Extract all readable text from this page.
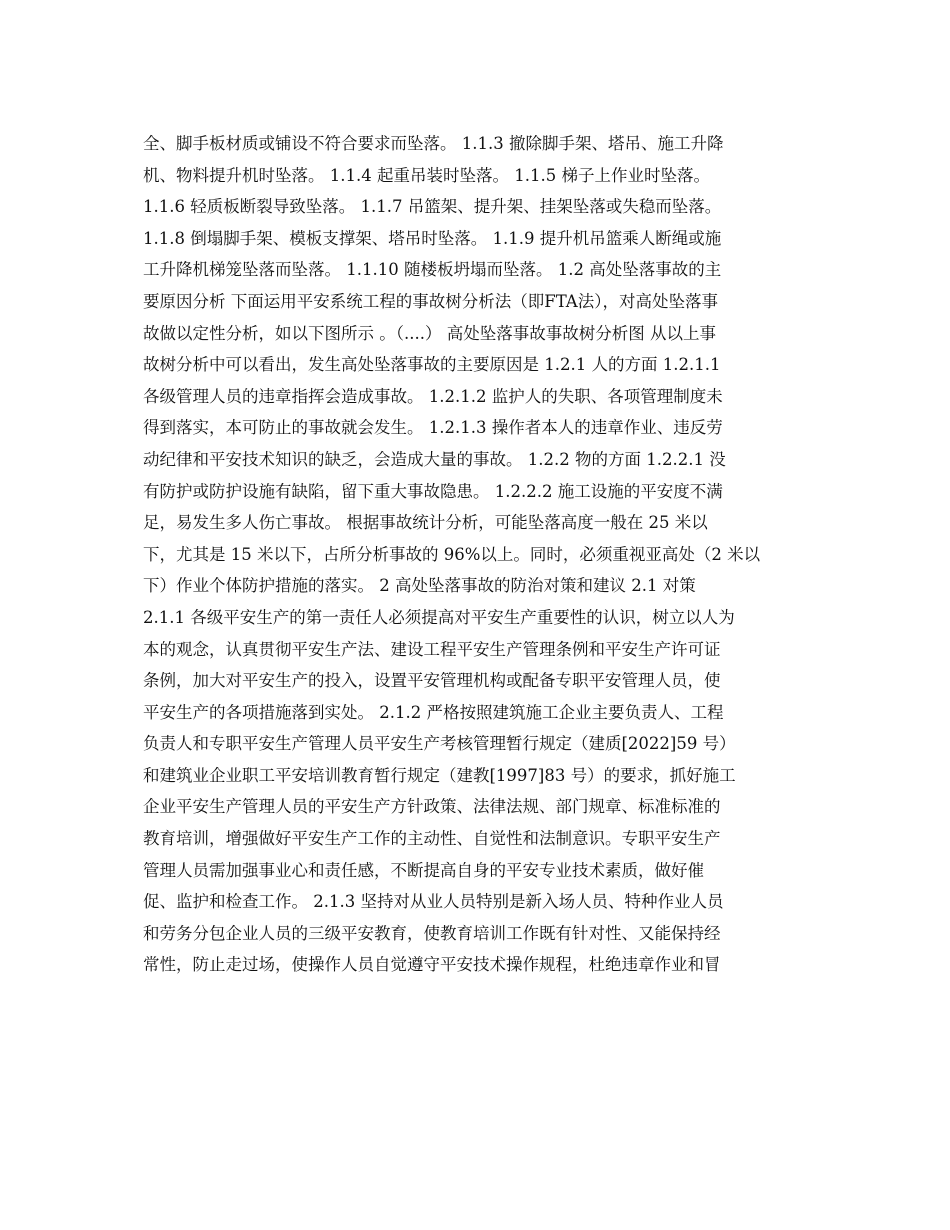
全、脚手板材质或铺设不符合要求而坠落。 1.1.3 撤除脚手架、塔吊、施工升降
机、物料提升机时坠落。 1.1.4 起重吊装时坠落。 1.1.5 梯子上作业时坠落。
1.1.6 轻质板断裂导致坠落。 1.1.7 吊篮架、提升架、挂架坠落或失稳而坠落。
1.1.8 倒塌脚手架、模板支撑架、塔吊时坠落。 1.1.9 提升机吊篮乘人断绳或施
工升降机梯笼坠落而坠落。 1.1.10 随楼板坍塌而坠落。 1.2 高处坠落事故的主
要原因分析 下面运用平安系统工程的事故树分析法（即FTA法），对高处坠落事
故做以定性分析，如以下图所示 。（....） 高处坠落事故事故树分析图 从以上事
故树分析中可以看出，发生高处坠落事故的主要原因是 1.2.1 人的方面 1.2.1.1
各级管理人员的违章指挥会造成事故。 1.2.1.2 监护人的失职、各项管理制度未
得到落实，本可防止的事故就会发生。 1.2.1.3 操作者本人的违章作业、违反劳
动纪律和平安技术知识的缺乏，会造成大量的事故。 1.2.2 物的方面 1.2.2.1 没
有防护或防护设施有缺陷，留下重大事故隐患。 1.2.2.2 施工设施的平安度不满
足，易发生多人伤亡事故。 根据事故统计分析，可能坠落高度一般在 25 米以
下，尤其是 15 米以下，占所分析事故的 96%以上。同时，必须重视亚高处（2 米以
下）作业个体防护措施的落实。 2 高处坠落事故的防治对策和建议 2.1 对策
2.1.1 各级平安生产的第一责任人必须提高对平安生产重要性的认识，树立以人为
本的观念，认真贯彻平安生产法、建设工程平安生产管理条例和平安生产许可证
条例，加大对平安生产的投入，设置平安管理机构或配备专职平安管理人员，使
平安生产的各项措施落到实处。 2.1.2 严格按照建筑施工企业主要负责人、工程
负责人和专职平安生产管理人员平安生产考核管理暂行规定（建质[2022]59 号）
和建筑业企业职工平安培训教育暂行规定（建教[1997]83 号）的要求，抓好施工
企业平安生产管理人员的平安生产方针政策、法律法规、部门规章、标准标准的
教育培训，增强做好平安生产工作的主动性、自觉性和法制意识。专职平安生产
管理人员需加强事业心和责任感，不断提高自身的平安专业技术素质，做好催
促、监护和检查工作。 2.1.3 坚持对从业人员特别是新入场人员、特种作业人员
和劳务分包企业人员的三级平安教育，使教育培训工作既有针对性、又能保持经
常性，防止走过场，使操作人员自觉遵守平安技术操作规程，杜绝违章作业和冒
